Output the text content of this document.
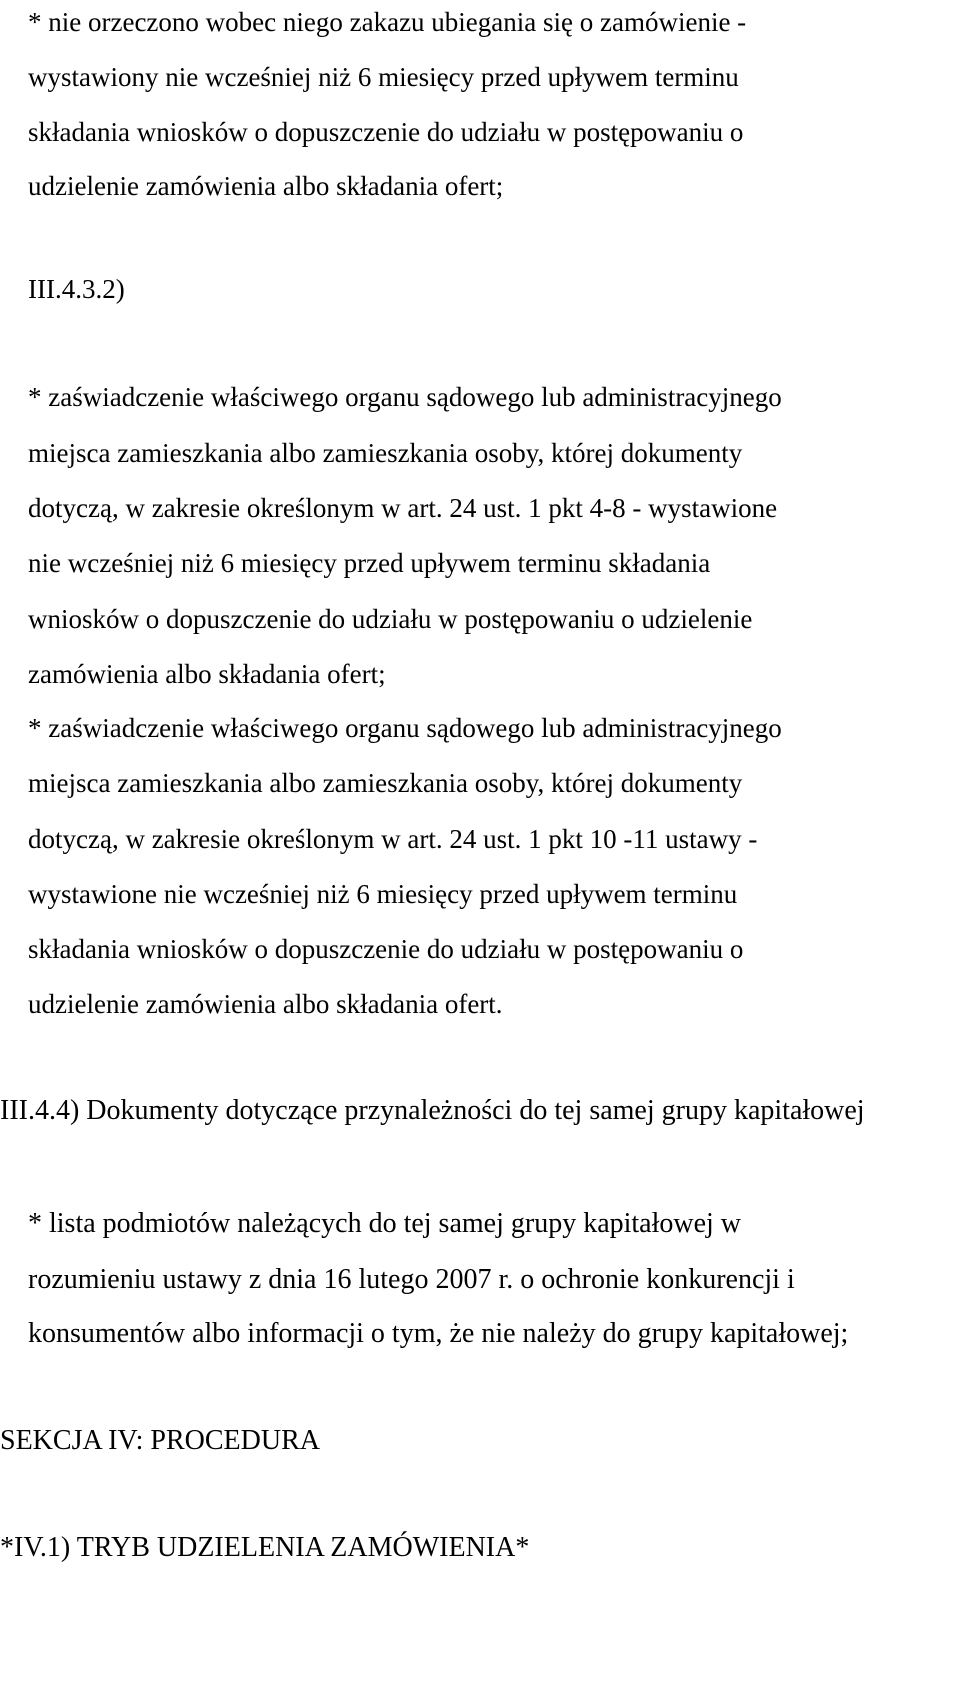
* nie orzeczono wobec niego zakazu ubiegania się o zamówienie -

wystawiony nie wcześniej niż 6 miesięcy przed upływem terminu

składania wniosków o dopuszczenie do udziału w postępowaniu o

udzielenie zamówienia albo składania ofert;

III.4.3.2)

* zaświadczenie właściwego organu sądowego lub administracyjnego

miejsca zamieszkania albo zamieszkania osoby, której dokumenty

dotyczą, w zakresie określonym w art. 24 ust. 1 pkt 4-8 - wystawione

nie wcześniej niż 6 miesięcy przed upływem terminu składania

wniosków o dopuszczenie do udziału w postępowaniu o udzielenie

zamówienia albo składania ofert;

* zaświadczenie właściwego organu sądowego lub administracyjnego

miejsca zamieszkania albo zamieszkania osoby, której dokumenty

dotyczą, w zakresie określonym w art. 24 ust. 1 pkt 10 -11 ustawy -

wystawione nie wcześniej niż 6 miesięcy przed upływem terminu

składania wniosków o dopuszczenie do udziału w postępowaniu o

udzielenie zamówienia albo składania ofert.

III.4.4) Dokumenty dotyczące przynależności do tej samej grupy kapitałowej

* lista podmiotów należących do tej samej grupy kapitałowej w

rozumieniu ustawy z dnia 16 lutego 2007 r. o ochronie konkurencji i

konsumentów albo informacji o tym, że nie należy do grupy kapitałowej;

SEKCJA IV: PROCEDURA

*IV.1) TRYB UDZIELENIA ZAMÓWIENIA*
